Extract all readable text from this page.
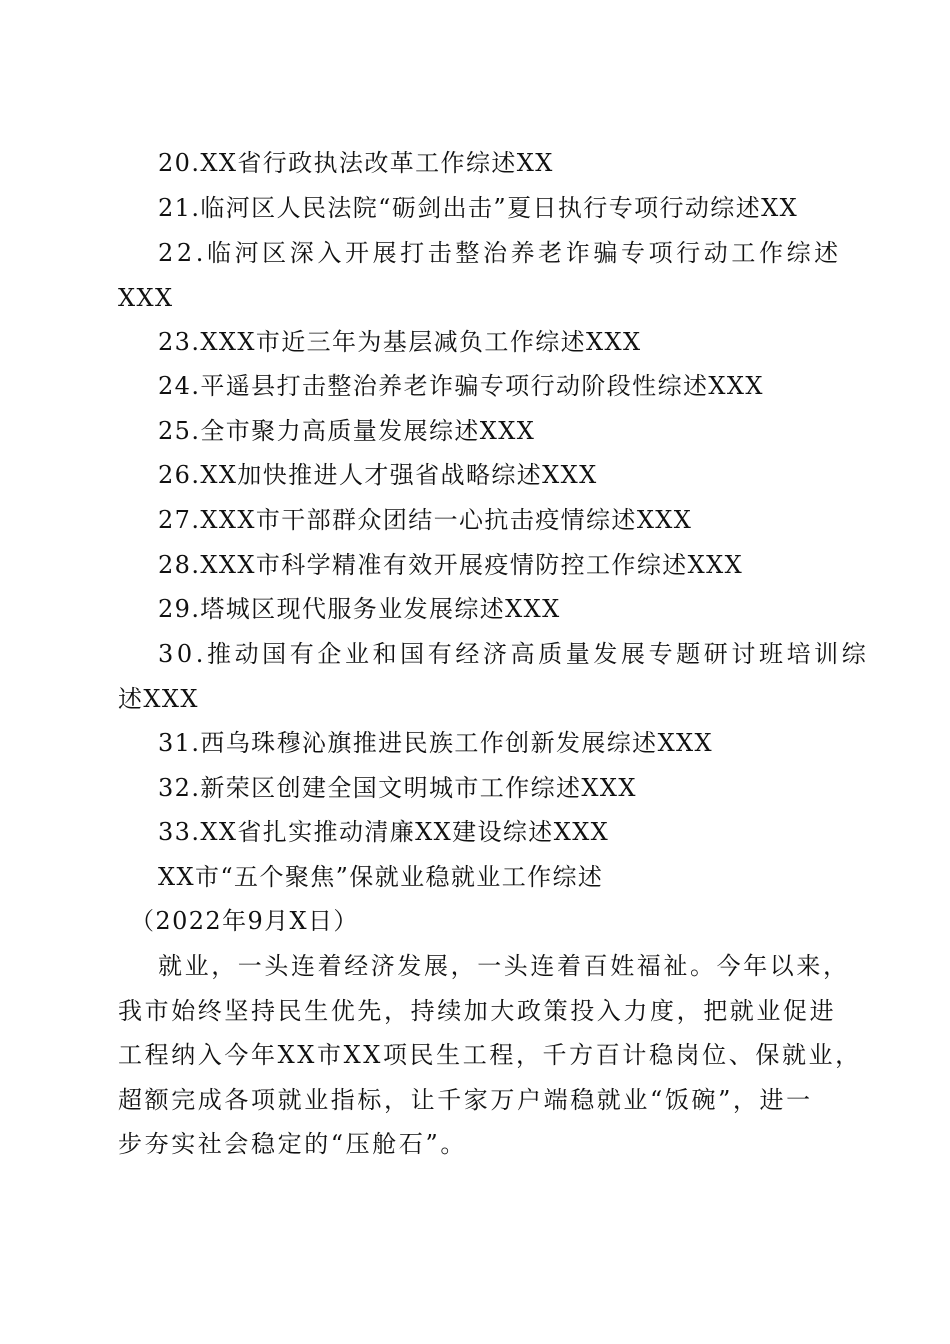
20.XX省行政执法改革工作综述XX
21.临河区人民法院“砺剑出击”夏日执行专项行动综述XX
22.临河区深入开展打击整治养老诈骗专项行动工作综述
XXX
23.XXX市近三年为基层减负工作综述XXX
24.平遥县打击整治养老诈骗专项行动阶段性综述XXX
25.全市聚力高质量发展综述XXX
26.XX加快推进人才强省战略综述XXX
27.XXX市干部群众团结一心抗击疫情综述XXX
28.XXX市科学精准有效开展疫情防控工作综述XXX
29.塔城区现代服务业发展综述XXX
30.推动国有企业和国有经济高质量发展专题研讨班培训综
述XXX
31.西乌珠穆沁旗推进民族工作创新发展综述XXX
32.新荣区创建全国文明城市工作综述XXX
33.XX省扎实推动清廉XX建设综述XXX
XX市“五个聚焦”保就业稳就业工作综述
（2022年9月X日）
就业，一头连着经济发展，一头连着百姓福祉。今年以来，
我市始终坚持民生优先，持续加大政策投入力度，把就业促进
工程纳入今年XX市XX项民生工程，千方百计稳岗位、保就业，
超额完成各项就业指标，让千家万户端稳就业“饭碗”，进一
步夯实社会稳定的“压舱石”。
